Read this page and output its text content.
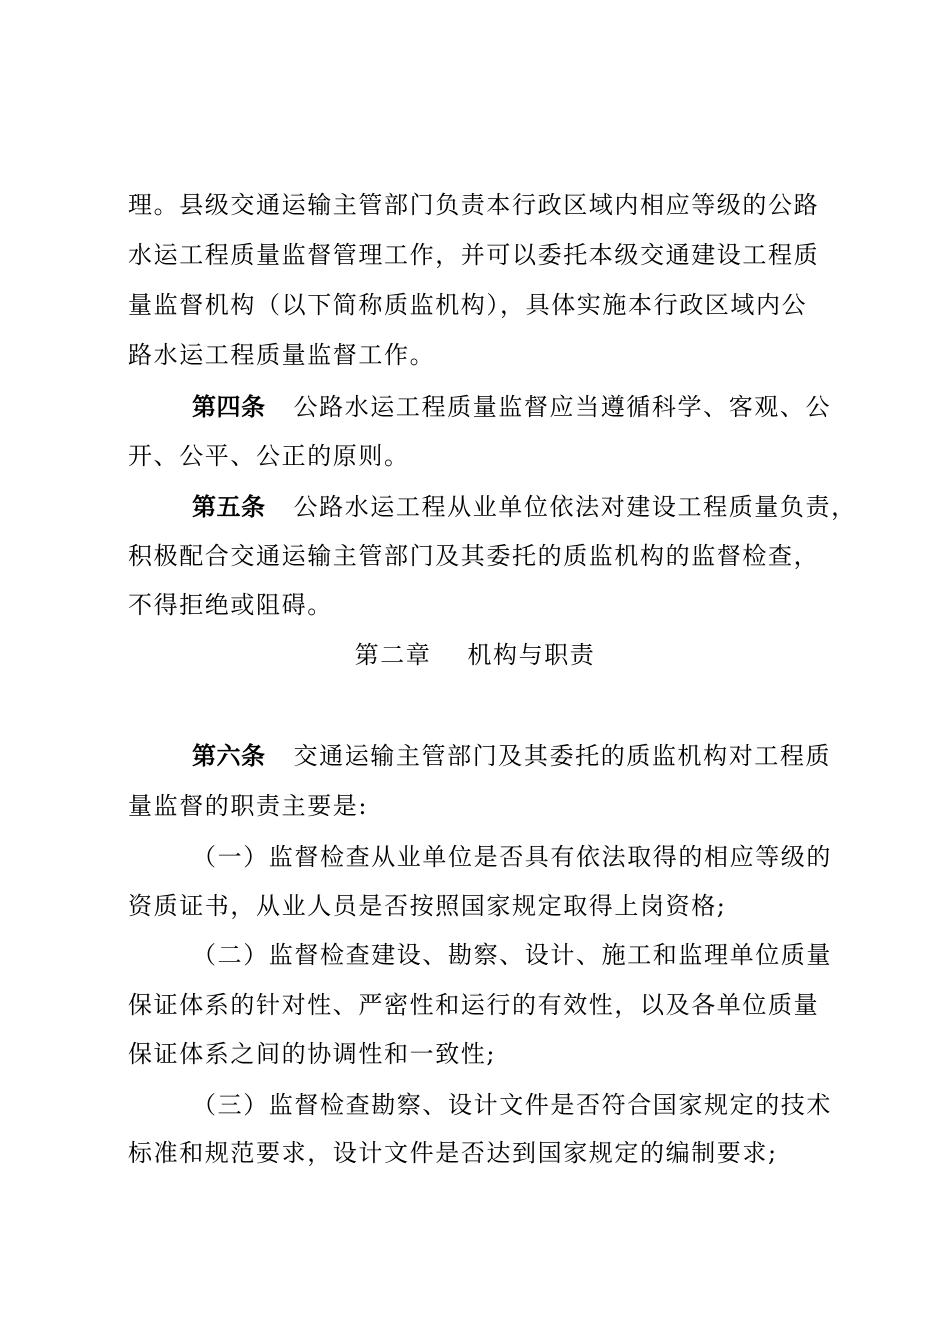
理。县级交通运输主管部门负责本行政区域内相应等级的公路
水运工程质量监督管理工作，并可以委托本级交通建设工程质
量监督机构（以下简称质监机构），具体实施本行政区域内公
路水运工程质量监督工作。
第四条 公路水运工程质量监督应当遵循科学、客观、公
开、公平、公正的原则。
第五条 公路水运工程从业单位依法对建设工程质量负责，
积极配合交通运输主管部门及其委托的质监机构的监督检查，
不得拒绝或阻碍。
第二章 机构与职责
第六条 交通运输主管部门及其委托的质监机构对工程质
量监督的职责主要是:
（一）监督检查从业单位是否具有依法取得的相应等级的
资质证书，从业人员是否按照国家规定取得上岗资格;
（二）监督检查建设、勘察、设计、施工和监理单位质量
保证体系的针对性、严密性和运行的有效性，以及各单位质量
保证体系之间的协调性和一致性;
（三）监督检查勘察、设计文件是否符合国家规定的技术
标准和规范要求，设计文件是否达到国家规定的编制要求;
